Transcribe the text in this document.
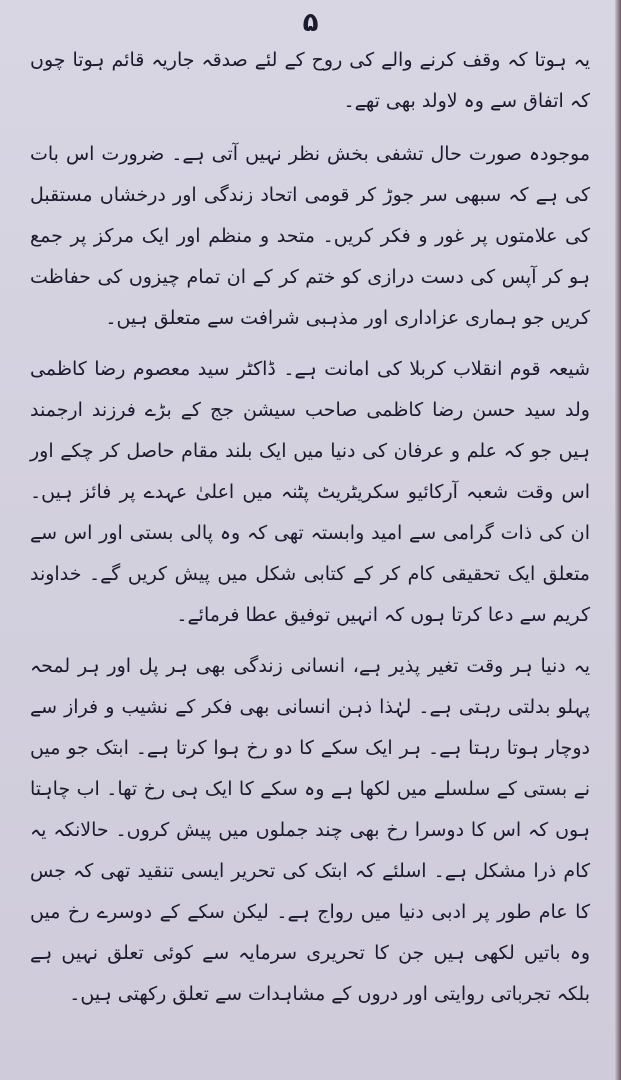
۵

یہ ہوتا کہ وقف کرنے والے کی روح کے لئے صدقہ جاریہ قائم ہوتا چوں کہ اتفاق سے وہ لاولد بھی تھے۔

موجودہ صورت حال تشفی بخش نظر نہیں آتی ہے۔ ضرورت اس بات کی ہے کہ سبھی سر جوڑ کر قومی اتحاد زندگی اور درخشاں مستقبل کی علامتوں پر غور و فکر کریں۔ متحد و منظم اور ایک مرکز پر جمع ہو کر آپس کی دست درازی کو ختم کر کے ان تمام چیزوں کی حفاظت کریں جو ہماری عزاداری اور مذہبی شرافت سے متعلق ہیں۔

شیعہ قوم انقلاب کربلا کی امانت ہے۔ ڈاکٹر سید معصوم رضا کاظمی ولد سید حسن رضا کاظمی صاحب سیشن جج کے بڑے فرزند ارجمند ہیں جو کہ علم و عرفان کی دنیا میں ایک بلند مقام حاصل کر چکے اور اس وقت شعبہ آرکائیو سکریٹریٹ پٹنہ میں اعلیٰ عہدے پر فائز ہیں۔ ان کی ذات گرامی سے امید وابستہ تھی کہ وہ پالی بستی اور اس سے متعلق ایک تحقیقی کام کر کے کتابی شکل میں پیش کریں گے۔ خداوند کریم سے دعا کرتا ہوں کہ انہیں توفیق عطا فرمائے۔

یہ دنیا ہر وقت تغیر پذیر ہے، انسانی زندگی بھی ہر پل اور ہر لمحہ پہلو بدلتی رہتی ہے۔ لہٰذا ذہن انسانی بھی فکر کے نشیب و فراز سے دوچار ہوتا رہتا ہے۔ ہر ایک سکے کا دو رخ ہوا کرتا ہے۔ ابتک جو میں نے بستی کے سلسلے میں لکھا ہے وہ سکے کا ایک ہی رخ تھا۔ اب چاہتا ہوں کہ اس کا دوسرا رخ بھی چند جملوں میں پیش کروں۔ حالانکہ یہ کام ذرا مشکل ہے۔ اسلئے کہ ابتک کی تحریر ایسی تنقید تھی کہ جس کا عام طور پر ادبی دنیا میں رواج ہے۔ لیکن سکے کے دوسرے رخ میں وہ باتیں لکھی ہیں جن کا تحریری سرمایہ سے کوئی تعلق نہیں ہے بلکہ تجرباتی روایتی اور دروں کے مشاہدات سے تعلق رکھتی ہیں۔
